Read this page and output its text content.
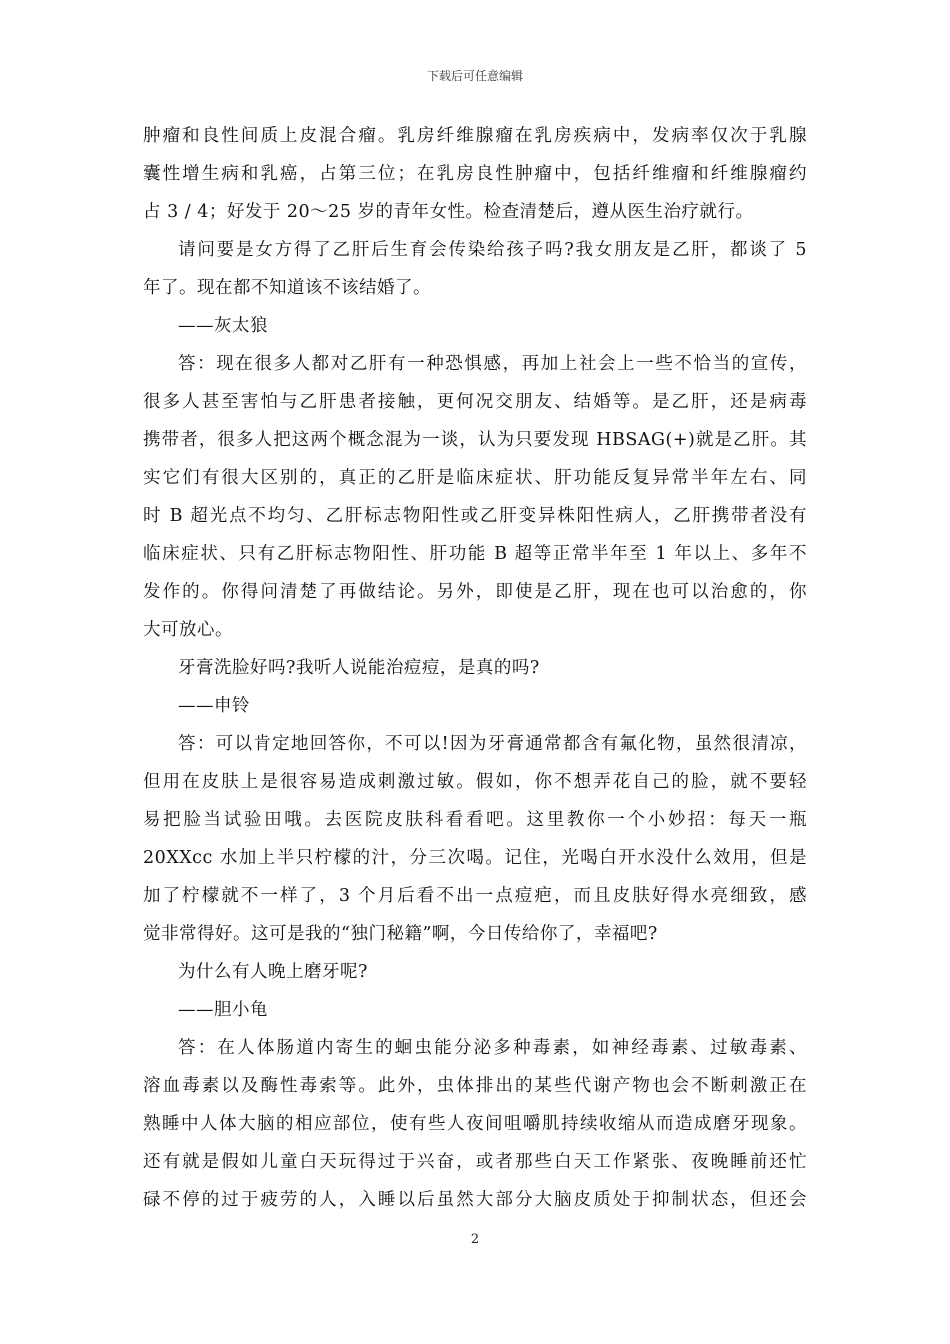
下载后可任意编辑
肿瘤和良性间质上皮混合瘤。乳房纤维腺瘤在乳房疾病中，发病率仅次于乳腺
囊性增生病和乳癌，占第三位；在乳房良性肿瘤中，包括纤维瘤和纤维腺瘤约
占 3 / 4；好发于 20～25 岁的青年女性。检查清楚后，遵从医生治疗就行。
请问要是女方得了乙肝后生育会传染给孩子吗?我女朋友是乙肝，都谈了 5
年了。现在都不知道该不该结婚了。
——灰太狼
答：现在很多人都对乙肝有一种恐惧感，再加上社会上一些不恰当的宣传，
很多人甚至害怕与乙肝患者接触，更何况交朋友、结婚等。是乙肝，还是病毒
携带者，很多人把这两个概念混为一谈，认为只要发现 HBSAG(+)就是乙肝。其
实它们有很大区别的，真正的乙肝是临床症状、肝功能反复异常半年左右、同
时 B 超光点不均匀、乙肝标志物阳性或乙肝变异株阳性病人，乙肝携带者没有
临床症状、只有乙肝标志物阳性、肝功能 B 超等正常半年至 1 年以上、多年不
发作的。你得问清楚了再做结论。另外，即使是乙肝，现在也可以治愈的，你
大可放心。
牙膏洗脸好吗?我听人说能治痘痘，是真的吗?
——申铃
答：可以肯定地回答你，不可以!因为牙膏通常都含有氟化物，虽然很清凉，
但用在皮肤上是很容易造成刺激过敏。假如，你不想弄花自己的脸，就不要轻
易把脸当试验田哦。去医院皮肤科看看吧。这里教你一个小妙招：每天一瓶
20XXcc 水加上半只柠檬的汁，分三次喝。记住，光喝白开水没什么效用，但是
加了柠檬就不一样了，3 个月后看不出一点痘疤，而且皮肤好得水亮细致，感
觉非常得好。这可是我的“独门秘籍”啊，今日传给你了，幸福吧?
为什么有人晚上磨牙呢?
——胆小龟
答：在人体肠道内寄生的蛔虫能分泌多种毒素，如神经毒素、过敏毒素、
溶血毒素以及酶性毒索等。此外，虫体排出的某些代谢产物也会不断刺激正在
熟睡中人体大脑的相应部位，使有些人夜间咀嚼肌持续收缩从而造成磨牙现象。
还有就是假如儿童白天玩得过于兴奋，或者那些白天工作紧张、夜晚睡前还忙
碌不停的过于疲劳的人，入睡以后虽然大部分大脑皮质处于抑制状态，但还会
2
